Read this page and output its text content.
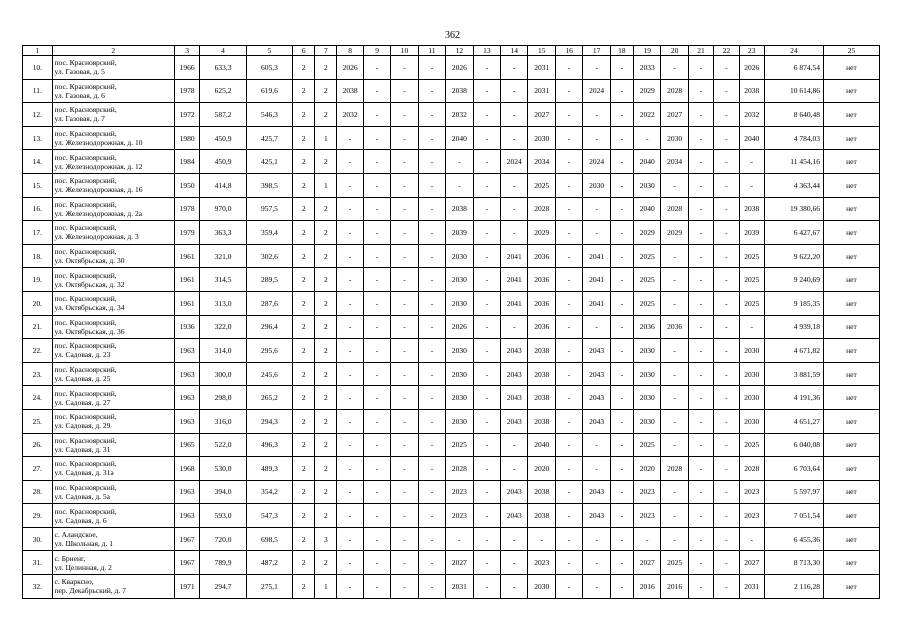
362
1	2	3	4	5	6	7	8	9	10	11	12	13	14	15	16	17	18	19	20	21	22	23	24	25
10.	пос. Красноярский,
ул. Газовая, д. 5	1966	633,3	605,3	2	2	2026	-	-	-	2026	-	-	2031	-	-	-	2033	-	-	-	2026	6 874,54	нет
11.	пос. Красноярский,
ул. Газовая, д. 6	1978	625,2	619,6	2	2	2038	-	-	-	2038	-	-	2031	-	2024	-	2029	2028	-	-	2038	10 614,86	нет
12.	пос. Красноярский,
ул. Газовая, д. 7	1972	587,2	546,3	2	2	2032	-	-	-	2032	-	-	2027	-	-	-	2022	2027	-	-	2032	8 640,48	нет
13.	пос. Красноярский,
ул. Железнодорожная, д. 10	1980	450,9	425,7	2	1	-	-	-	-	2040	-	-	2030	-	-	-	-	2030	-	-	2040	4 784,03	нет
14.	пос. Красноярский,
ул. Железнодорожная, д. 12	1984	450,9	425,1	2	2	-	-	-	-	-	-	2024	2034	-	2024	-	2040	2034	-	-	-	11 454,16	нет
15.	пос. Красноярский,
ул. Железнодорожная, д. 16	1950	414,8	398,5	2	1	-	-	-	-	-	-	-	2025	-	2030	-	2030	-	-	-	-	4 363,44	нет
16.	пос. Красноярский,
ул. Железнодорожная, д. 2а	1978	970,0	957,5	2	2	-	-	-	-	2038	-	-	2028	-	-	-	2040	2028	-	-	2038	19 380,66	нет
17.	пос. Красноярский,
ул. Железнодорожная, д. 3	1979	363,3	359,4	2	2	-	-	-	-	2039	-	-	2029	-	-	-	2029	2029	-	-	2039	6 427,67	нет
18.	пос. Красноярский,
ул. Октябрьская, д. 30	1961	321,0	302,6	2	2	-	-	-	-	2030	-	2041	2036	-	2041	-	2025	-	-	-	2025	9 622,20	нет
19.	пос. Красноярский,
ул. Октябрьская, д. 32	1961	314,5	289,5	2	2	-	-	-	-	2030	-	2041	2036	-	2041	-	2025	-	-	-	2025	9 240,69	нет
20.	пос. Красноярский,
ул. Октябрьская, д. 34	1961	313,0	287,6	2	2	-	-	-	-	2030	-	2041	2036	-	2041	-	2025	-	-	-	2025	9 185,35	нет
21.	пос. Красноярский,
ул. Октябрьская, д. 36	1936	322,0	296,4	2	2	-	-	-	-	2026	-	-	2036	-	-	-	2036	2036	-	-	-	4 939,18	нет
22.	пос. Красноярский,
ул. Садовая, д. 23	1963	314,0	295,6	2	2	-	-	-	-	2030	-	2043	2038	-	2043	-	2030	-	-	-	2030	4 671,82	нет
23.	пос. Красноярский,
ул. Садовая, д. 25	1963	300,0	245,6	2	2	-	-	-	-	2030	-	2043	2038	-	2043	-	2030	-	-	-	2030	3 881,59	нет
24.	пос. Красноярский,
ул. Садовая, д. 27	1963	298,0	265,2	2	2	-	-	-	-	2030	-	2043	2038	-	2043	-	2030	-	-	-	2030	4 191,36	нет
25.	пос. Красноярский,
ул. Садовая, д. 29	1963	316,0	294,3	2	2	-	-	-	-	2030	-	2043	2038	-	2043	-	2030	-	-	-	2030	4 651,27	нет
26.	пос. Красноярский,
ул. Садовая, д. 31	1965	522,0	496,3	2	2	-	-	-	-	2025	-	-	2040	-	-	-	2025	-	-	-	2025	6 040,08	нет
27.	пос. Красноярский,
ул. Садовая, д. 31а	1968	530,0	489,3	2	2	-	-	-	-	2028	-	-	2020	-	-	-	2020	2028	-	-	2028	6 703,64	нет
28.	пос. Красноярский,
ул. Садовая, д. 5а	1963	394,0	354,2	2	2	-	-	-	-	2023	-	2043	2038	-	2043	-	2023	-	-	-	2023	5 597,97	нет
29.	пос. Красноярский,
ул. Садовая, д. 6	1963	593,0	547,3	2	2	-	-	-	-	2023	-	2043	2038	-	2043	-	2023	-	-	-	2023	7 051,54	нет
30.	с. Аландское,
ул. Школьная, д. 1	1967	720,0	698,5	2	3	-	-	-	-	-	-	-	-	-	-	-	-	-	-	-	-	6 455,36	нет
31.	с. Брненг,
ул. Целинная, д. 2	1967	789,9	487,2	2	2	-	-	-	-	2027	-	-	2023	-	-	-	2027	2025	-	-	2027	8 713,30	нет
32.	с. Кварксно,
пер. Декабрьский, д. 7	1971	294,7	275,1	2	1	-	-	-	-	2031	-	-	2030	-	-	-	2016	2016	-	-	2031	2 116,28	нет
